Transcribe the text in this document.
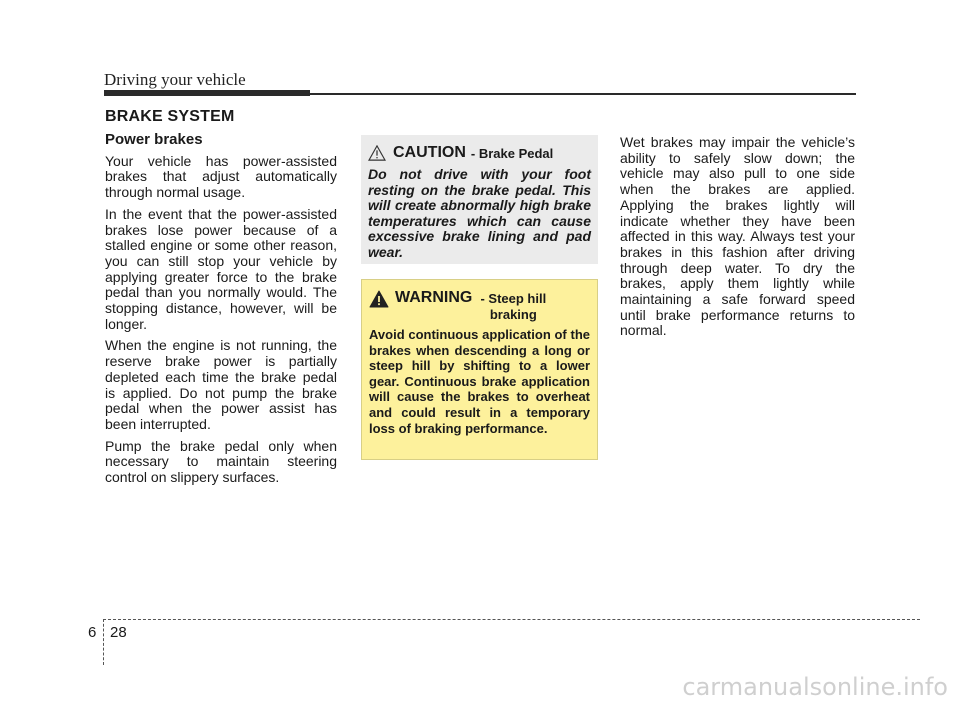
Driving your vehicle
BRAKE SYSTEM
Power brakes

Your vehicle has power-assisted brakes that adjust automatically through normal usage.

In the event that the power-assisted brakes lose power because of a stalled engine or some other reason, you can still stop your vehicle by applying greater force to the brake pedal than you normally would. The stopping distance, however, will be longer.

When the engine is not running, the reserve brake power is partially depleted each time the brake pedal is applied. Do not pump the brake pedal when the power assist has been interrupted.

Pump the brake pedal only when necessary to maintain steering control on slippery surfaces.

CAUTION - Brake Pedal
Do not drive with your foot resting on the brake pedal. This will create abnormally high brake temperatures which can cause excessive brake lining and pad wear.
WARNING - Steep hill braking
Avoid continuous application of the brakes when descending a long or steep hill by shifting to a lower gear. Continuous brake application will cause the brakes to overheat and could result in a temporary loss of braking performance.

Wet brakes may impair the vehicle’s ability to safely slow down; the vehicle may also pull to one side when the brakes are applied. Applying the brakes lightly will indicate whether they have been affected in this way. Always test your brakes in this fashion after driving through deep water. To dry the brakes, apply them lightly while maintaining a safe forward speed until brake performance returns to normal.

6 28
carmanualsonline.info
